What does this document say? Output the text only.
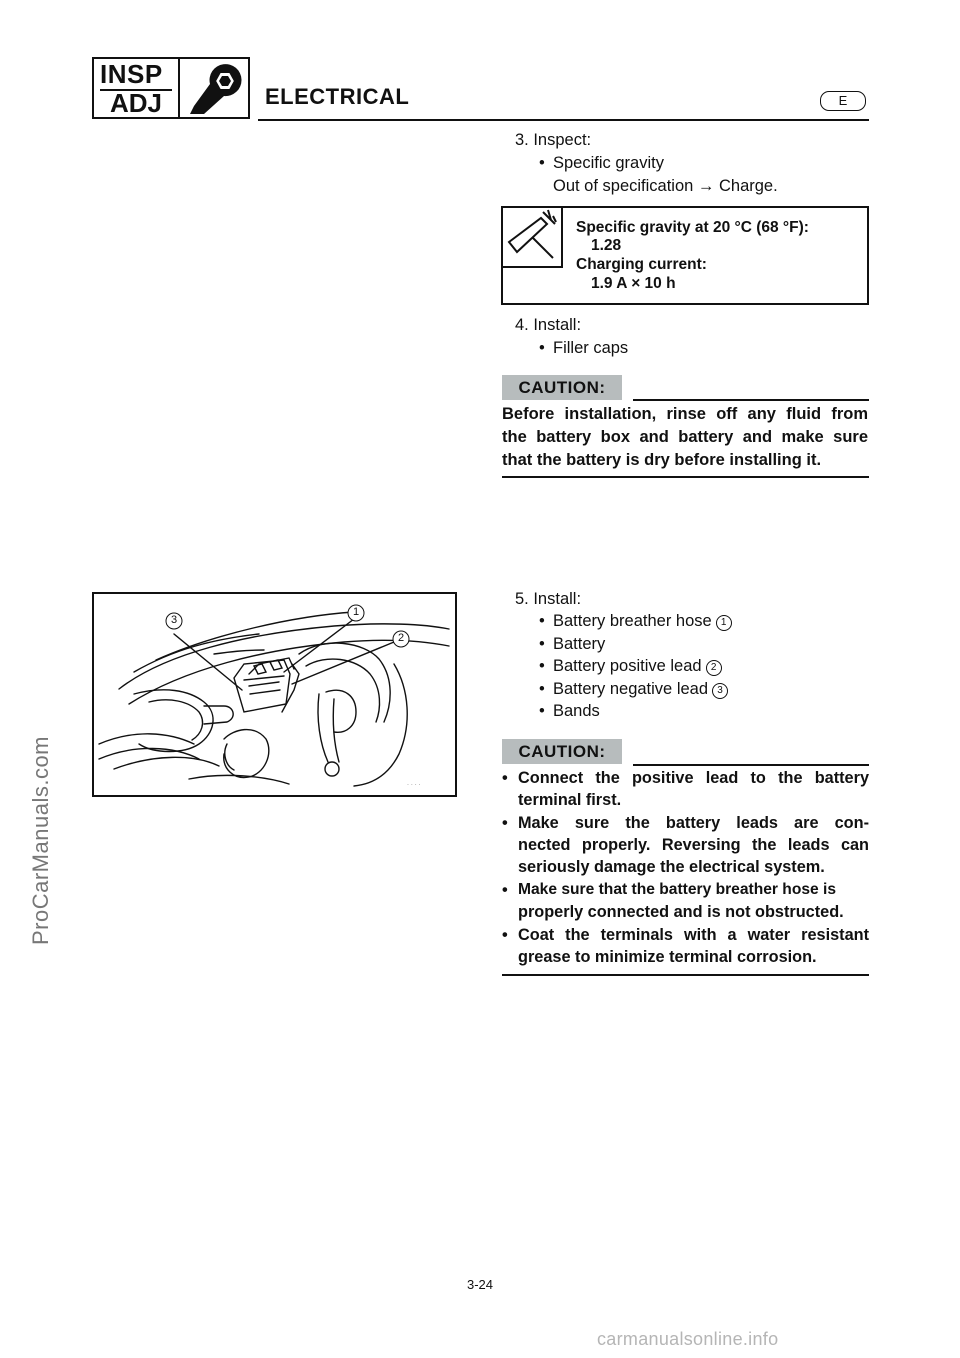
INSP
ADJ	ELECTRICAL	E
ProCarManuals.com
3. Inspect:
• Specific gravity
Out of specification → Charge.
Specific gravity at 20 °C (68 °F):
1.28
Charging current:
1.9 A × 10 h
4. Install:
• Filler caps
CAUTION:
Before installation, rinse off any fluid from
the battery box and battery and make sure
that the battery is dry before installing it.
3
1
2
. . . .
5. Install:
• Battery breather hose 1
• Battery
• Battery positive lead 2
• Battery negative lead 3
• Bands
CAUTION:
• Connect the positive lead to the battery
terminal first.
• Make sure the battery leads are con-
nected properly. Reversing the leads can
seriously damage the electrical system.
• Make sure that the battery breather hose is
properly connected and is not obstructed.
• Coat the terminals with a water resistant
grease to minimize terminal corrosion.
3-24
carmanualsonline.info
